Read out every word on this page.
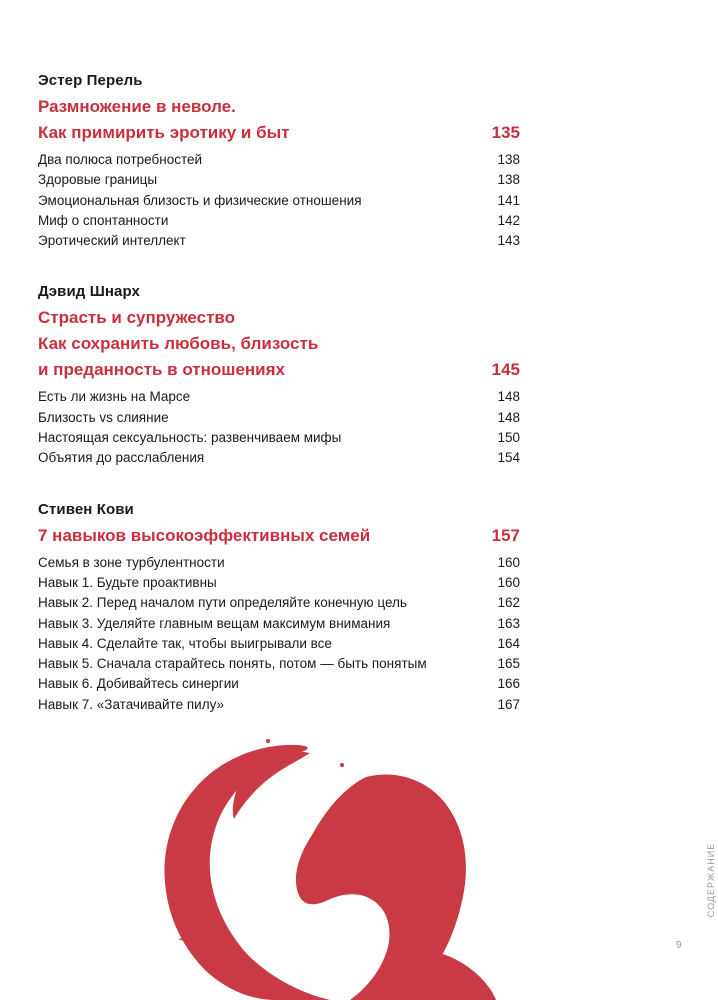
Эстер Перель
Размножение в неволе.
Как примирить эротику и быт	135
Два полюса потребностей	138
Здоровые границы	138
Эмоциональная близость и физические отношения	141
Миф о спонтанности	142
Эротический интеллект	143
Дэвид Шнарх
Страсть и супружество
Как сохранить любовь, близость
и преданность в отношениях	145
Есть ли жизнь на Марсе	148
Близость vs слияние	148
Настоящая сексуальность: развенчиваем мифы	150
Объятия до расслабления	154
Стивен Кови
7 навыков высокоэффективных семей	157
Семья в зоне турбулентности	160
Навык 1. Будьте проактивны	160
Навык 2. Перед началом пути определяйте конечную цель	162
Навык 3. Уделяйте главным вещам максимум внимания	163
Навык 4. Сделайте так, чтобы выигрывали все	164
Навык 5. Сначала старайтесь понять, потом — быть понятым	165
Навык 6. Добивайтесь синергии	166
Навык 7. «Затачивайте пилу»	167
СОДЕРЖАНИЕ
9
